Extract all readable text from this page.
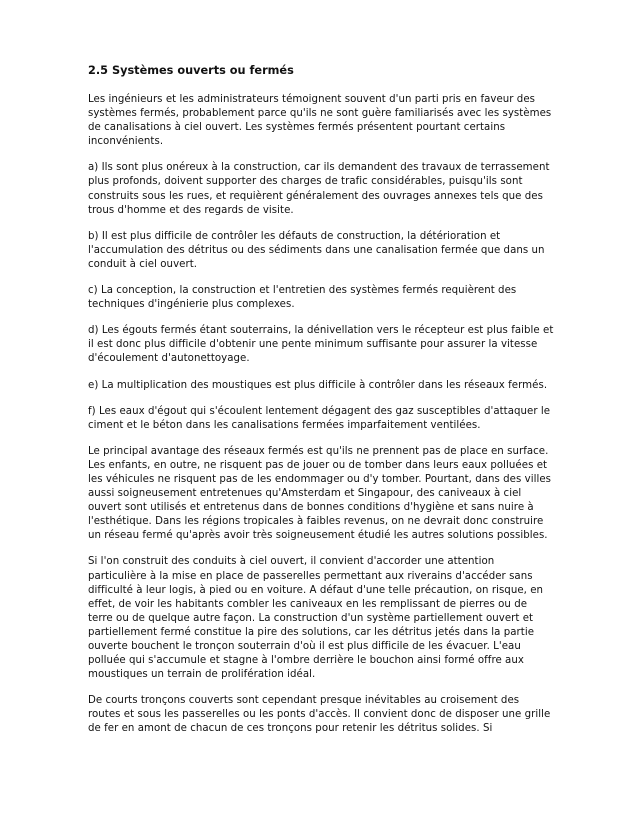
2.5 Systèmes ouverts ou fermés

Les ingénieurs et les administrateurs témoignent souvent d'un parti pris en faveur des systèmes fermés, probablement parce qu'ils ne sont guère familiarisés avec les systèmes de canalisations à ciel ouvert. Les systèmes fermés présentent pourtant certains inconvénients.

a) Ils sont plus onéreux à la construction, car ils demandent des travaux de terrassement plus profonds, doivent supporter des charges de trafic considérables, puisqu'ils sont construits sous les rues, et requièrent généralement des ouvrages annexes tels que des trous d'homme et des regards de visite.

b) Il est plus difficile de contrôler les défauts de construction, la détérioration et l'accumulation des détritus ou des sédiments dans une canalisation fermée que dans un conduit à ciel ouvert.

c) La conception, la construction et l'entretien des systèmes fermés requièrent des techniques d'ingénierie plus complexes.

d) Les égouts fermés étant souterrains, la dénivellation vers le récepteur est plus faible et il est donc plus difficile d'obtenir une pente minimum suffisante pour assurer la vitesse d'écoulement d'autonettoyage.

e) La multiplication des moustiques est plus difficile à contrôler dans les réseaux fermés.

f) Les eaux d'égout qui s'écoulent lentement dégagent des gaz susceptibles d'attaquer le ciment et le béton dans les canalisations fermées imparfaitement ventilées.

Le principal avantage des réseaux fermés est qu'ils ne prennent pas de place en surface. Les enfants, en outre, ne risquent pas de jouer ou de tomber dans leurs eaux polluées et les véhicules ne risquent pas de les endommager ou d'y tomber. Pourtant, dans des villes aussi soigneusement entretenues qu'Amsterdam et Singapour, des caniveaux à ciel ouvert sont utilisés et entretenus dans de bonnes conditions d'hygiène et sans nuire à l'esthétique. Dans les régions tropicales à faibles revenus, on ne devrait donc construire un réseau fermé qu'après avoir très soigneusement étudié les autres solutions possibles.

Si l'on construit des conduits à ciel ouvert, il convient d'accorder une attention particulière à la mise en place de passerelles permettant aux riverains d'accéder sans difficulté à leur logis, à pied ou en voiture. A défaut d'une telle précaution, on risque, en effet, de voir les habitants combler les caniveaux en les remplissant de pierres ou de terre ou de quelque autre façon. La construction d'un système partiellement ouvert et partiellement fermé constitue la pire des solutions, car les détritus jetés dans la partie ouverte bouchent le tronçon souterrain d'où il est plus difficile de les évacuer. L'eau polluée qui s'accumule et stagne à l'ombre derrière le bouchon ainsi formé offre aux moustiques un terrain de prolifération idéal.

De courts tronçons couverts sont cependant presque inévitables au croisement des routes et sous les passerelles ou les ponts d'accès. Il convient donc de disposer une grille de fer en amont de chacun de ces tronçons pour retenir les détritus solides. Si
